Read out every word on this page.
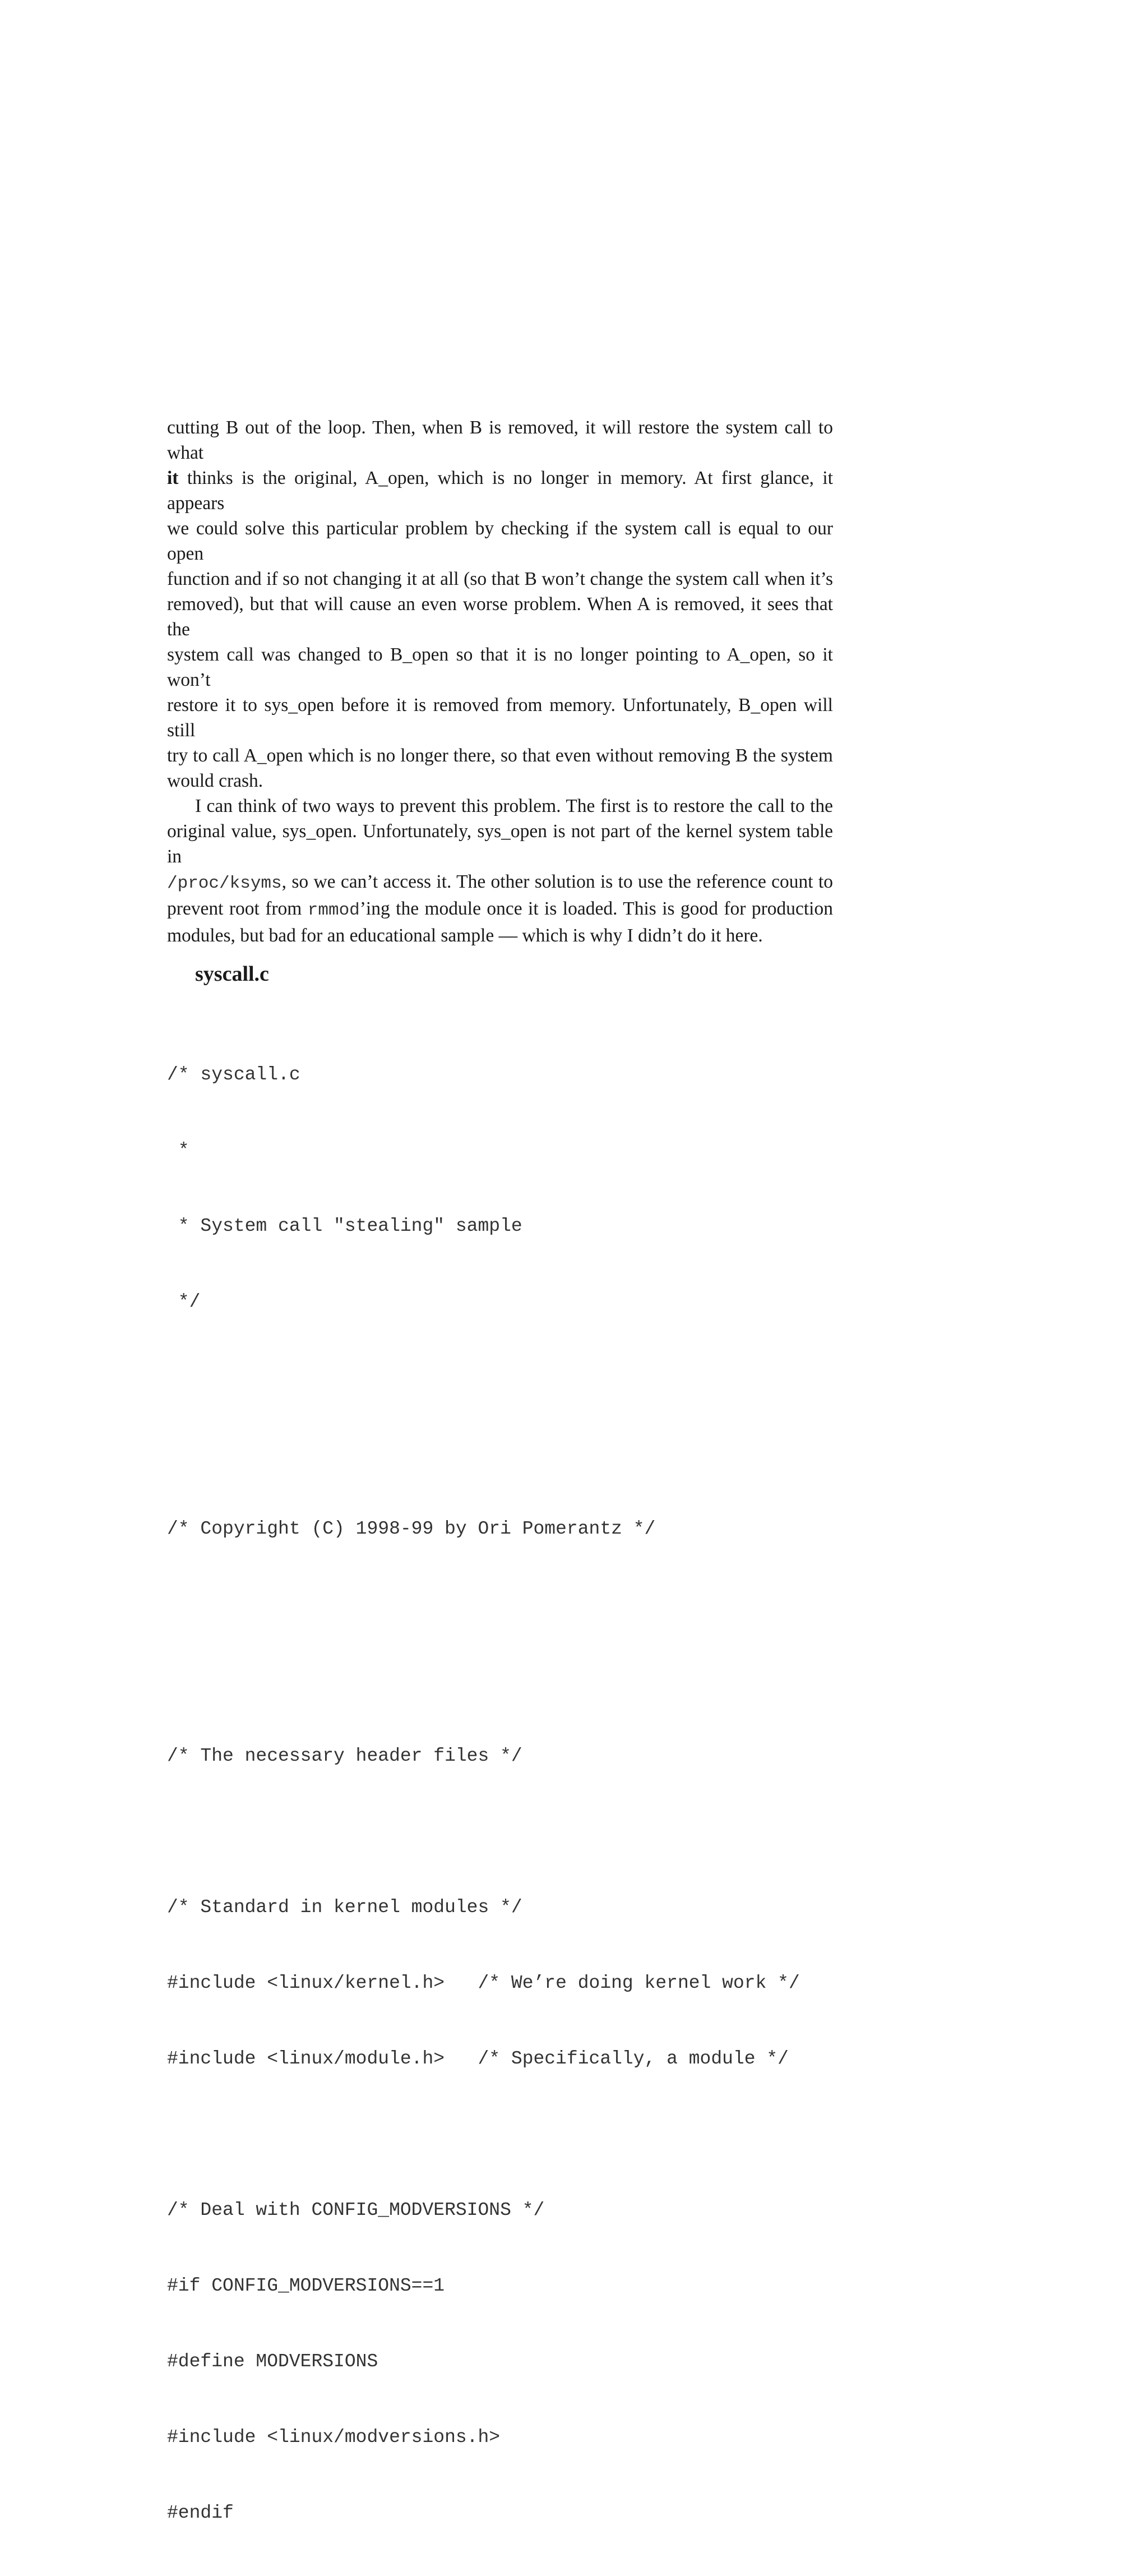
cutting B out of the loop. Then, when B is removed, it will restore the system call to what
it thinks is the original, A_open, which is no longer in memory. At first glance, it appears
we could solve this particular problem by checking if the system call is equal to our open
function and if so not changing it at all (so that B won’t change the system call when it’s
removed), but that will cause an even worse problem. When A is removed, it sees that the
system call was changed to B_open so that it is no longer pointing to A_open, so it won’t
restore it to sys_open before it is removed from memory. Unfortunately, B_open will still
try to call A_open which is no longer there, so that even without removing B the system
would crash.

I can think of two ways to prevent this problem. The first is to restore the call to the
original value, sys_open. Unfortunately, sys_open is not part of the kernel system table in
/proc/ksyms, so we can’t access it. The other solution is to use the reference count to
prevent root from rmmod’ing the module once it is loaded. This is good for production
modules, but bad for an educational sample — which is why I didn’t do it here.

syscall.c

/* syscall.c

*

* System call "stealing" sample

*/

/* Copyright (C) 1998-99 by Ori Pomerantz */

/* The necessary header files */

/* Standard in kernel modules */

#include <linux/kernel.h>   /* We’re doing kernel work */

#include <linux/module.h>   /* Specifically, a module */

/* Deal with CONFIG_MODVERSIONS */

#if CONFIG_MODVERSIONS==1

#define MODVERSIONS

#include <linux/modversions.h>

#endif
